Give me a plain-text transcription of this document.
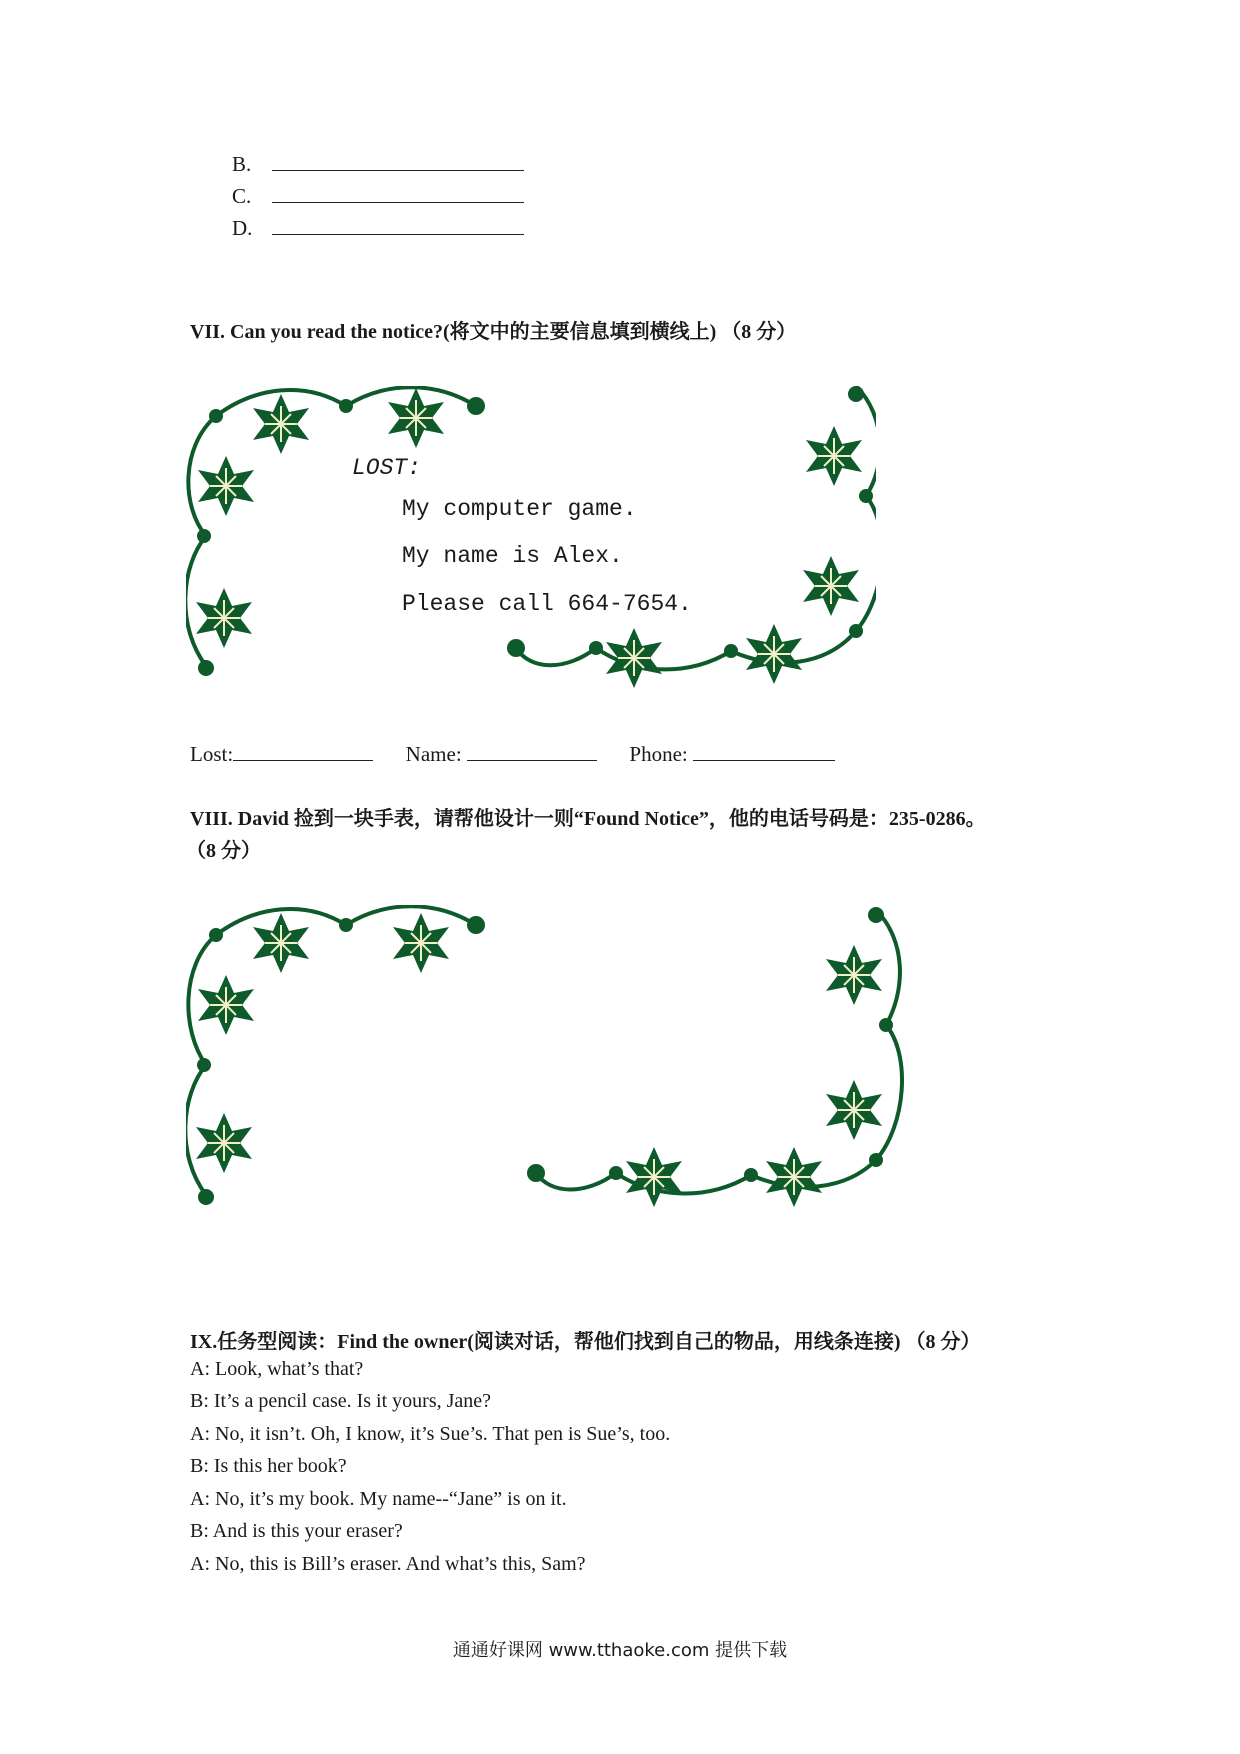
B.
C.
D.
VII. Can you read the notice?(将文中的主要信息填到横线上) （8 分）
LOST:
My computer game.
My name is Alex.
Please call 664-7654.
Lost:	Name:	Phone:
VIII. David 捡到一块手表，请帮他设计一则“Found Notice”，他的电话号码是：235-0286。
（8 分）
IX.任务型阅读：Find the owner(阅读对话，帮他们找到自己的物品，用线条连接) （8 分）
A: Look, what’s that?
B: It’s a pencil case. Is it yours, Jane?
A: No, it isn’t. Oh, I know, it’s Sue’s. That pen is Sue’s, too.
B: Is this her book?
A: No, it’s my book. My name--“Jane” is on it.
B: And is this your eraser?
A: No, this is Bill’s eraser. And what’s this, Sam?
通通好课网 www.tthaoke.com 提供下载
